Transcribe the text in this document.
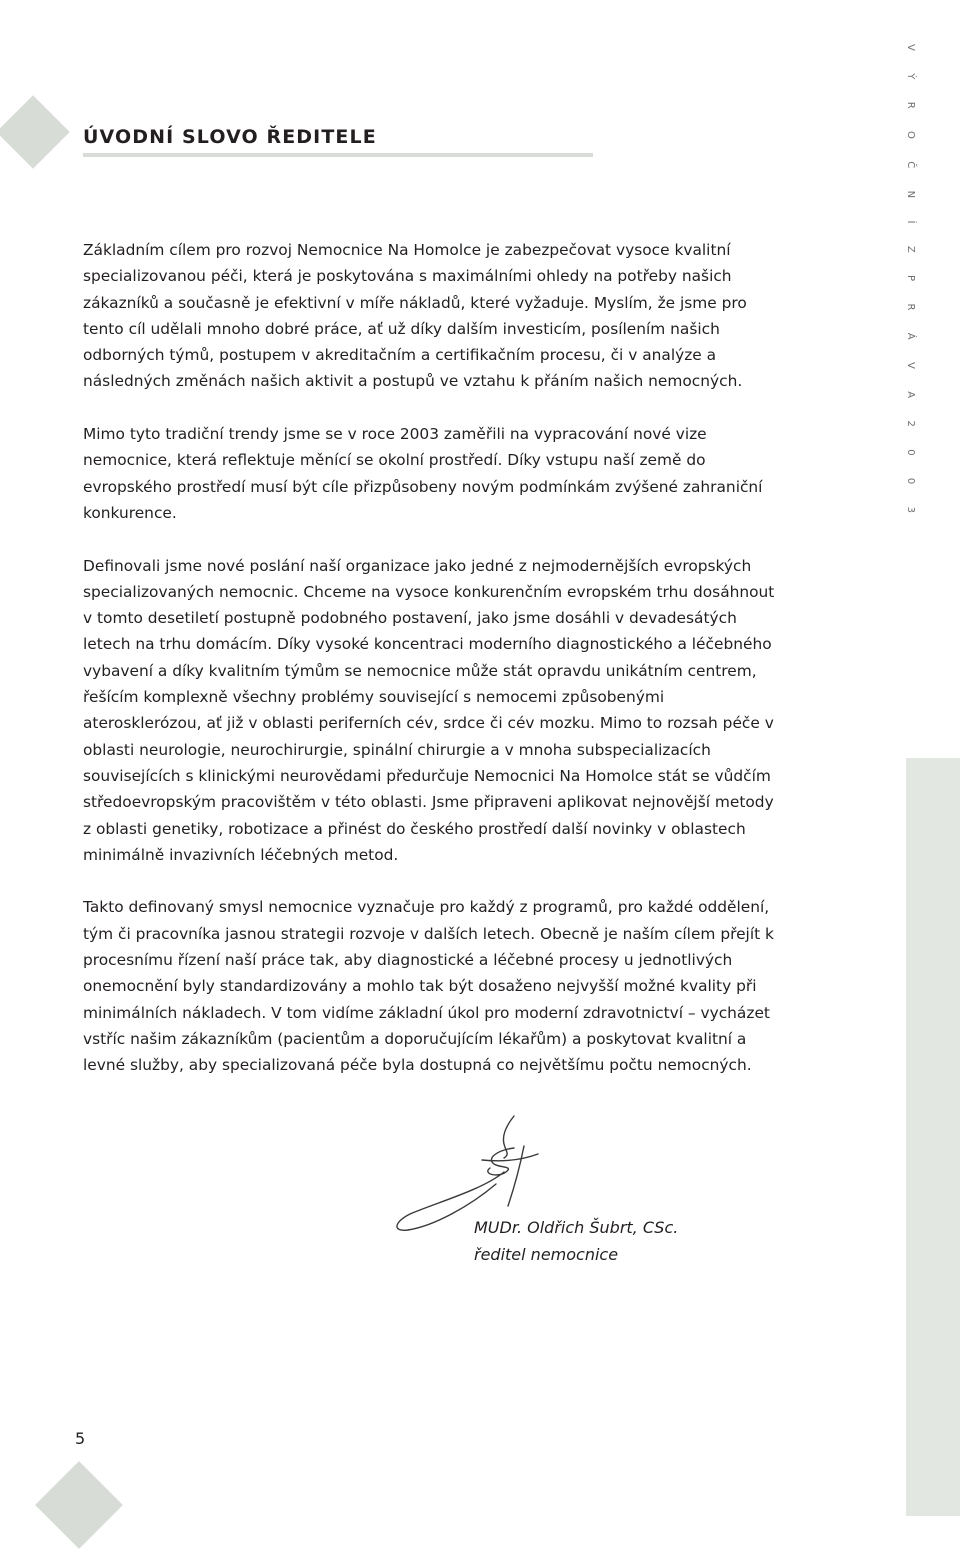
V Ý R O Č N Í Z P R Á V A 2 0 0 3
ÚVODNÍ SLOVO ŘEDITELE

Základním cílem pro rozvoj Nemocnice Na Homolce je zabezpečovat vysoce kvalitní specializovanou péči, která je poskytována s maximálními ohledy na potřeby našich zákazníků a současně je efektivní v míře nákladů, které vyžaduje. Myslím, že jsme pro tento cíl udělali mnoho dobré práce, ať už díky dalším investicím, posílením našich odborných týmů, postupem v akreditačním a certifikačním procesu, či v analýze a následných změnách našich aktivit a postupů ve vztahu k přáním našich nemocných.

Mimo tyto tradiční trendy jsme se v roce 2003 zaměřili na vypracování nové vize nemocnice, která reflektuje měnící se okolní prostředí. Díky vstupu naší země do evropského prostředí musí být cíle přizpůsobeny novým podmínkám zvýšené zahraniční konkurence.

Definovali jsme nové poslání naší organizace jako jedné z nejmodernějších evropských specializovaných nemocnic. Chceme na vysoce konkurenčním evropském trhu dosáhnout v tomto desetiletí postupně podobného postavení, jako jsme dosáhli v devadesátých letech na trhu domácím. Díky vysoké koncentraci moderního diagnostického a léčebného vybavení a díky kvalitním týmům se nemocnice může stát opravdu unikátním centrem, řešícím komplexně všechny problémy související s nemocemi způsobenými aterosklerózou, ať již v oblasti periferních cév, srdce či cév mozku. Mimo to rozsah péče v oblasti neurologie, neurochirurgie, spinální chirurgie a v mnoha subspecializacích souvisejících s klinickými neurovědami předurčuje Nemocnici Na Homolce stát se vůdčím středoevropským pracovištěm v této oblasti. Jsme připraveni aplikovat nejnovější metody z oblasti genetiky, robotizace a přinést do českého prostředí další novinky v oblastech minimálně invazivních léčebných metod.

Takto definovaný smysl nemocnice vyznačuje pro každý z programů, pro každé oddělení, tým či pracovníka jasnou strategii rozvoje v dalších letech. Obecně je naším cílem přejít k procesnímu řízení naší práce tak, aby diagnostické a léčebné procesy u jednotlivých onemocnění byly standardizovány a mohlo tak být dosaženo nejvyšší možné kvality při minimálních nákladech. V tom vidíme základní úkol pro moderní zdravotnictví – vycházet vstříc našim zákazníkům (pacientům a doporučujícím lékařům) a poskytovat kvalitní a levné služby, aby specializovaná péče byla dostupná co největšímu počtu nemocných.

MUDr. Oldřich Šubrt, CSc.
ředitel nemocnice
5
